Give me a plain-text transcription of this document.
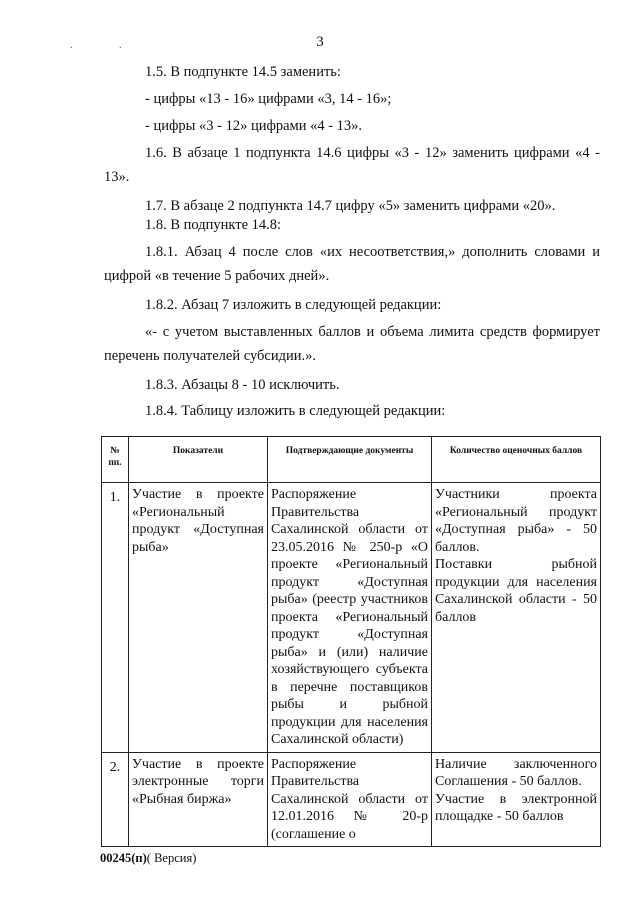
3
. .
1.5. В подпункте 14.5 заменить:
- цифры «13 - 16» цифрами «3, 14 - 16»;
- цифры «3 - 12» цифрами «4 - 13».
1.6. В абзаце 1 подпункта 14.6 цифры «3 - 12» заменить цифрами «4 - 13».
1.7. В абзаце 2 подпункта 14.7 цифру «5» заменить цифрами «20».
1.8. В подпункте 14.8:
1.8.1. Абзац 4 после слов «их несоответствия,» дополнить словами и цифрой «в течение 5 рабочих дней».
1.8.2. Абзац 7 изложить в следующей редакции:
«- с учетом выставленных баллов и объема лимита средств формирует перечень получателей субсидии.».
1.8.3. Абзацы 8 - 10 исключить.
1.8.4. Таблицу изложить в следующей редакции:
№ пп.	Показатели	Подтверждающие документы	Количество оценочных баллов
1.	Участие в проекте «Региональный продукт «Доступная рыба»	Распоряжение Правительства Сахалинской области от 23.05.2016 № 250-р «О проекте «Региональный продукт «Доступная рыба» (реестр участников проекта «Региональный продукт «Доступная рыба» и (или) наличие хозяйствующего субъекта в перечне поставщиков рыбы и рыбной продукции для населения Сахалинской области)	Участники проекта «Региональный продукт «Доступная рыба» - 50 баллов.

Поставки рыбной продукции для населения Сахалинской области - 50 баллов

2.	Участие в проекте электронные торги «Рыбная биржа»	Распоряжение Правительства Сахалинской области от 12.01.2016 № 20-р (соглашение о	Наличие заключенного Соглашения - 50 баллов.

Участие в электронной площадке - 50 баллов

00245(п)( Версия)
